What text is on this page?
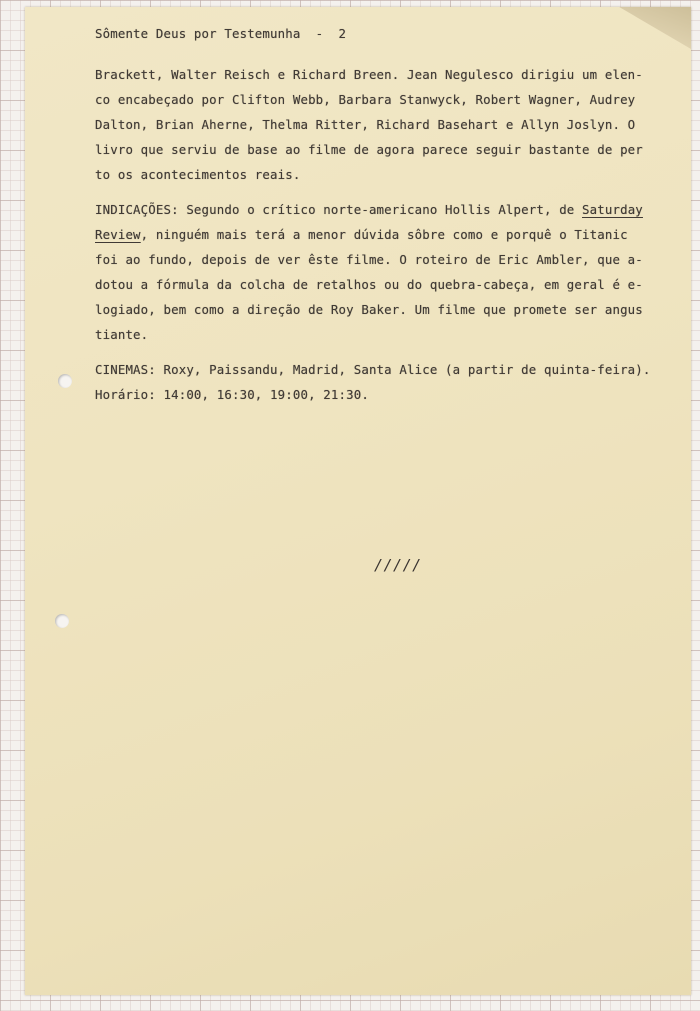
Sômente Deus por Testemunha  -  2
Brackett, Walter Reisch e Richard Breen. Jean Negulesco dirigiu um elen-
co encabeçado por Clifton Webb, Barbara Stanwyck, Robert Wagner, Audrey
Dalton, Brian Aherne, Thelma Ritter, Richard Basehart e Allyn Joslyn. O
livro que serviu de base ao filme de agora parece seguir bastante de per
to os acontecimentos reais.
INDICAÇÕES: Segundo o crítico norte-americano Hollis Alpert, de Saturday
Review, ninguém mais terá a menor dúvida sôbre como e porquê o Titanic
foi ao fundo, depois de ver êste filme. O roteiro de Eric Ambler, que a-
dotou a fórmula da colcha de retalhos ou do quebra-cabeça, em geral é e-
logiado, bem como a direção de Roy Baker. Um filme que promete ser angus
tiante.
CINEMAS: Roxy, Paissandu, Madrid, Santa Alice (a partir de quinta-feira).
Horário: 14:00, 16:30, 19:00, 21:30.
/////
